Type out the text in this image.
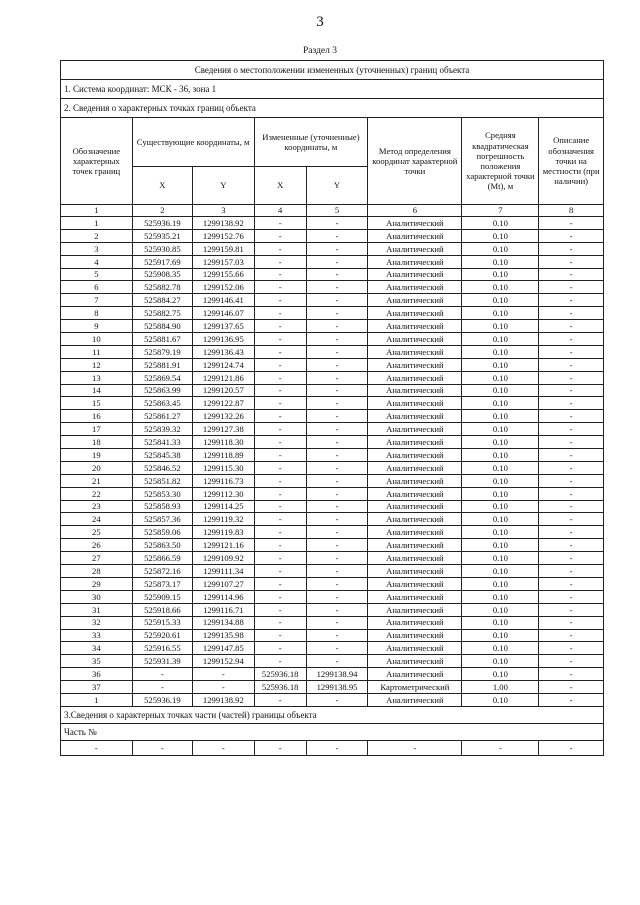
3
Раздел 3
Сведения о местоположении измененных (уточненных) границ объекта							
1. Система координат: МСК - 36, зона 1							
2. Сведения о характерных точках границ объекта							
Обозначение характерных точек границ	Существующие координаты, м		Измененные (уточненные) координаты, м		Метод определения координат характерной точки	Средняя квадратическая погрешность положения характерной точки (Mt), м	Описание обозначения точки на местности (при наличии)
	X	Y	X	Y			
1	2	3	4	5	6	7	8
1	525936.19	1299138.92	-	-	Аналитический	0.10	-
2	525935.21	1299152.76	-	-	Аналитический	0.10	-
3	525930.85	1299159.81	-	-	Аналитический	0.10	-
4	525917.69	1299157.03	-	-	Аналитический	0.10	-
5	525908.35	1299155.66	-	-	Аналитический	0.10	-
6	525882.78	1299152.06	-	-	Аналитический	0.10	-
7	525884.27	1299146.41	-	-	Аналитический	0.10	-
8	525882.75	1299146.07	-	-	Аналитический	0.10	-
9	525884.90	1299137.65	-	-	Аналитический	0.10	-
10	525881.67	1299136.95	-	-	Аналитический	0.10	-
11	525879.19	1299136.43	-	-	Аналитический	0.10	-
12	525881.91	1299124.74	-	-	Аналитический	0.10	-
13	525869.54	1299121.86	-	-	Аналитический	0.10	-
14	525863.99	1299120.57	-	-	Аналитический	0.10	-
15	525863.45	1299122.87	-	-	Аналитический	0.10	-
16	525861.27	1299132.26	-	-	Аналитический	0.10	-
17	525839.32	1299127.38	-	-	Аналитический	0.10	-
18	525841.33	1299118.30	-	-	Аналитический	0.10	-
19	525845.38	1299118.89	-	-	Аналитический	0.10	-
20	525846.52	1299115.30	-	-	Аналитический	0.10	-
21	525851.82	1299116.73	-	-	Аналитический	0.10	-
22	525853.30	1299112.30	-	-	Аналитический	0.10	-
23	525858.93	1299114.25	-	-	Аналитический	0.10	-
24	525857.36	1299119.32	-	-	Аналитический	0.10	-
25	525859.06	1299119.83	-	-	Аналитический	0.10	-
26	525863.50	1299121.16	-	-	Аналитический	0.10	-
27	525866.59	1299109.92	-	-	Аналитический	0.10	-
28	525872.16	1299111.34	-	-	Аналитический	0.10	-
29	525873.17	1299107.27	-	-	Аналитический	0.10	-
30	525909.15	1299114.96	-	-	Аналитический	0.10	-
31	525918.66	1299116.71	-	-	Аналитический	0.10	-
32	525915.33	1299134.88	-	-	Аналитический	0.10	-
33	525920.61	1299135.98	-	-	Аналитический	0.10	-
34	525916.55	1299147.85	-	-	Аналитический	0.10	-
35	525931.39	1299152.94	-	-	Аналитический	0.10	-
36	-	-	525936.18	1299138.94	Аналитический	0.10	-
37	-	-	525936.18	1299138.95	Картометрический	1.00	-
1	525936.19	1299138.92	-	-	Аналитический	0.10	-
3.Сведения о характерных точках части (частей) границы объекта							
Часть №							
-	-	-	-	-	-	-	-
